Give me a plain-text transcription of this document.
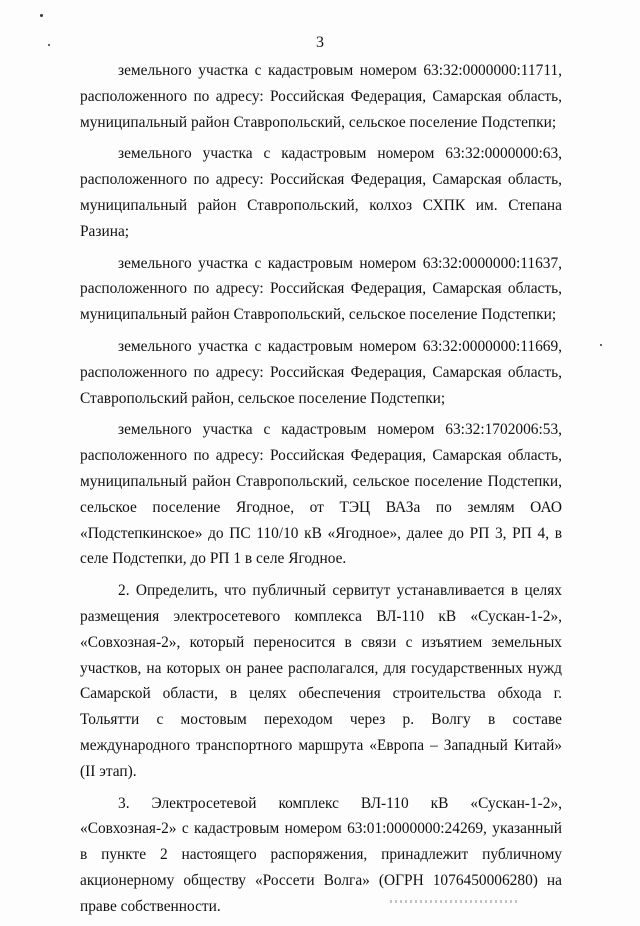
3

земельного участка с кадастровым номером 63:32:0000000:11711, расположенного по адресу: Российская Федерация, Самарская область, муниципальный район Ставропольский, сельское поселение Подстепки;

земельного участка с кадастровым номером 63:32:0000000:63, расположенного по адресу: Российская Федерация, Самарская область, муниципальный район Ставропольский, колхоз СХПК им. Степана Разина;

земельного участка с кадастровым номером 63:32:0000000:11637, расположенного по адресу: Российская Федерация, Самарская область, муниципальный район Ставропольский, сельское поселение Подстепки;

земельного участка с кадастровым номером 63:32:0000000:11669, расположенного по адресу: Российская Федерация, Самарская область, Ставропольский район, сельское поселение Подстепки;

земельного участка с кадастровым номером 63:32:1702006:53, расположенного по адресу: Российская Федерация, Самарская область, муниципальный район Ставропольский, сельское поселение Подстепки, сельское поселение Ягодное, от ТЭЦ ВАЗа по землям ОАО «Подстепкинское» до ПС 110/10 кВ «Ягодное», далее до РП 3, РП 4, в селе Подстепки, до РП 1 в селе Ягодное.

2. Определить, что публичный сервитут устанавливается в целях размещения электросетевого комплекса ВЛ-110 кВ «Сускан-1-2», «Совхозная-2», который переносится в связи с изъятием земельных участков, на которых он ранее располагался, для государственных нужд Самарской области, в целях обеспечения строительства обхода г. Тольятти с мостовым переходом через р. Волгу в составе международного транспортного маршрута «Европа – Западный Китай» (II этап).

3. Электросетевой комплекс ВЛ-110 кВ «Сускан-1-2», «Совхозная-2» с кадастровым номером 63:01:0000000:24269, указанный в пункте 2 настоящего распоряжения, принадлежит публичному акционерному обществу «Россети Волга» (ОГРН 1076450006280) на праве собственности.
